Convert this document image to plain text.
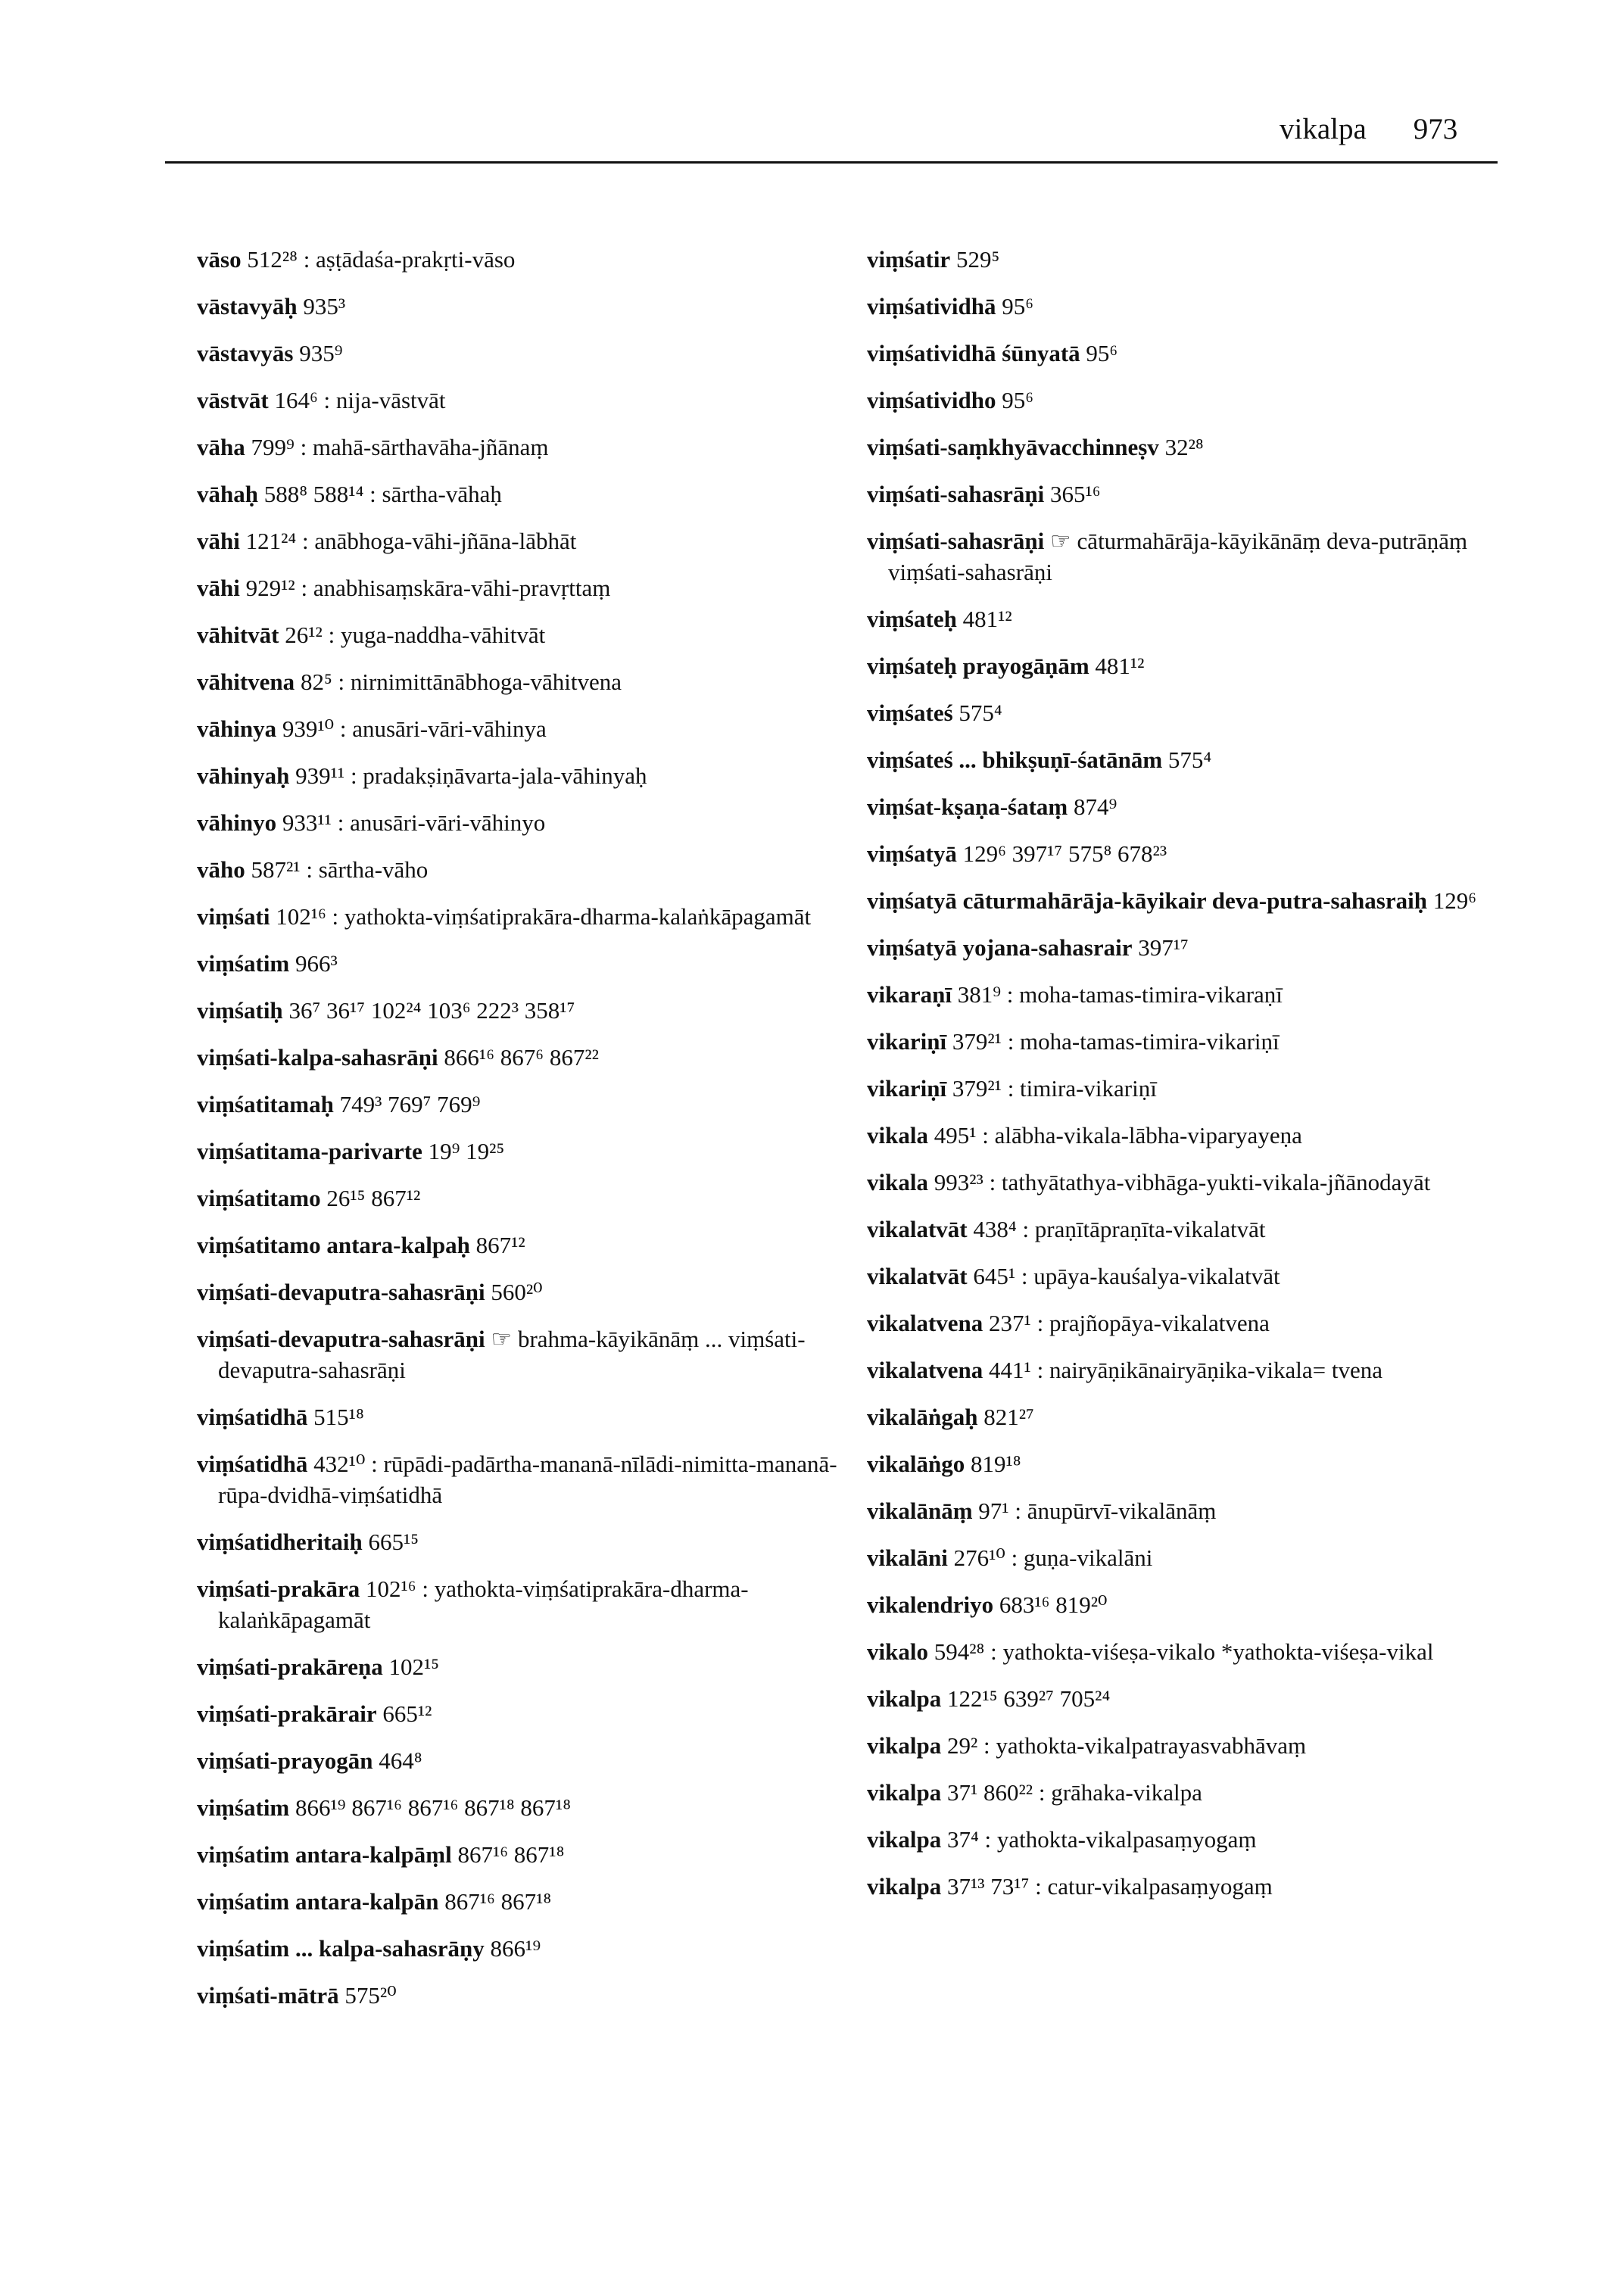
vikalpa 973
vāso 512²⁸ : aṣṭādaśa-prakṛti-vāso
vāstavyāḥ 935³
vāstavyās 935⁹
vāstvāt 164⁶ : nija-vāstvāt
vāha 799⁹ : mahā-sārthavāha-jñānaṃ
vāhaḥ 588⁸ 588¹⁴ : sārtha-vāhaḥ
vāhi 121²⁴ : anābhoga-vāhi-jñāna-lābhāt
vāhi 929¹² : anabhisaṃskāra-vāhi-pravṛttaṃ
vāhitvāt 26¹² : yuga-naddha-vāhitvāt
vāhitvena 82⁵ : nirnimittānābhoga-vāhitvena
vāhinya 939¹⁰ : anusāri-vāri-vāhinya
vāhinyaḥ 939¹¹ : pradakṣiṇāvarta-jala-vāhinyaḥ
vāhinyo 933¹¹ : anusāri-vāri-vāhinyo
vāho 587²¹ : sārtha-vāho
viṃśati 102¹⁶ : yathokta-viṃśatiprakāra-dharma-kalaṅkāpagamāt
viṃśatim 966³
viṃśatiḥ 36⁷ 36¹⁷ 102²⁴ 103⁶ 222³ 358¹⁷
viṃśati-kalpa-sahasrāṇi 866¹⁶ 867⁶ 867²²
viṃśatitamaḥ 749³ 769⁷ 769⁹
viṃśatitama-parivarte 19⁹ 19²⁵
viṃśatitamo 26¹⁵ 867¹²
viṃśatitamo antara-kalpaḥ 867¹²
viṃśati-devaputra-sahasrāṇi 560²⁰
viṃśati-devaputra-sahasrāṇi ☞ brahma-kāyikānāṃ ... viṃśati-devaputra-sahasrāṇi
viṃśatidhā 515¹⁸
viṃśatidhā 432¹⁰ : rūpādi-padārtha-mananā-nīlādi-nimitta-mananā-rūpa-dvidhā-viṃśatidhā
viṃśatidheritaiḥ 665¹⁵
viṃśati-prakāra 102¹⁶ : yathokta-viṃśatiprakāra-dharma-kalaṅkāpagamāt
viṃśati-prakāreṇa 102¹⁵
viṃśati-prakārair 665¹²
viṃśati-prayogān 464⁸
viṃśatim 866¹⁹ 867¹⁶ 867¹⁶ 867¹⁸ 867¹⁸
viṃśatim antara-kalpāṃl 867¹⁶ 867¹⁸
viṃśatim antara-kalpān 867¹⁶ 867¹⁸
viṃśatim ... kalpa-sahasrāṇy 866¹⁹
viṃśati-mātrā 575²⁰
viṃśatir 529⁵
viṃśatividhā 95⁶
viṃśatividhā śūnyatā 95⁶
viṃśatividho 95⁶
viṃśati-saṃkhyāvacchinneṣv 32²⁸
viṃśati-sahasrāṇi 365¹⁶
viṃśati-sahasrāṇi ☞ cāturmahārāja-kāyikānāṃ deva-putrāṇāṃ viṃśati-sahasrāṇi
viṃśateḥ 481¹²
viṃśateḥ prayogāṇām 481¹²
viṃśateś 575⁴
viṃśateś ... bhikṣuṇī-śatānām 575⁴
viṃśat-kṣaṇa-śataṃ 874⁹
viṃśatyā 129⁶ 397¹⁷ 575⁸ 678²³
viṃśatyā cāturmahārāja-kāyikair deva-putra-sahasraiḥ 129⁶
viṃśatyā yojana-sahasrair 397¹⁷
vikaraṇī 381⁹ : moha-tamas-timira-vikaraṇī
vikariṇī 379²¹ : moha-tamas-timira-vikariṇī
vikariṇī 379²¹ : timira-vikariṇī
vikala 495¹ : alābha-vikala-lābha-viparyayeṇa
vikala 993²³ : tathyātathya-vibhāga-yukti-vikala-jñānodayāt
vikalatvāt 438⁴ : praṇītāpraṇīta-vikalatvāt
vikalatvāt 645¹ : upāya-kauśalya-vikalatvāt
vikalatvena 237¹ : prajñopāya-vikalatvena
vikalatvena 441¹ : nairyāṇikānairyāṇika-vikala= tvena
vikalāṅgaḥ 821²⁷
vikalāṅgo 819¹⁸
vikalānāṃ 97¹ : ānupūrvī-vikalānāṃ
vikalāni 276¹⁰ : guṇa-vikalāni
vikalendriyo 683¹⁶ 819²⁰
vikalo 594²⁸ : yathokta-viśeṣa-vikalo *yathokta-viśeṣa-vikal
vikalpa 122¹⁵ 639²⁷ 705²⁴
vikalpa 29² : yathokta-vikalpatrayasvabhāvaṃ
vikalpa 37¹ 860²² : grāhaka-vikalpa
vikalpa 37⁴ : yathokta-vikalpasaṃyogaṃ
vikalpa 37¹³ 73¹⁷ : catur-vikalpasaṃyogaṃ
